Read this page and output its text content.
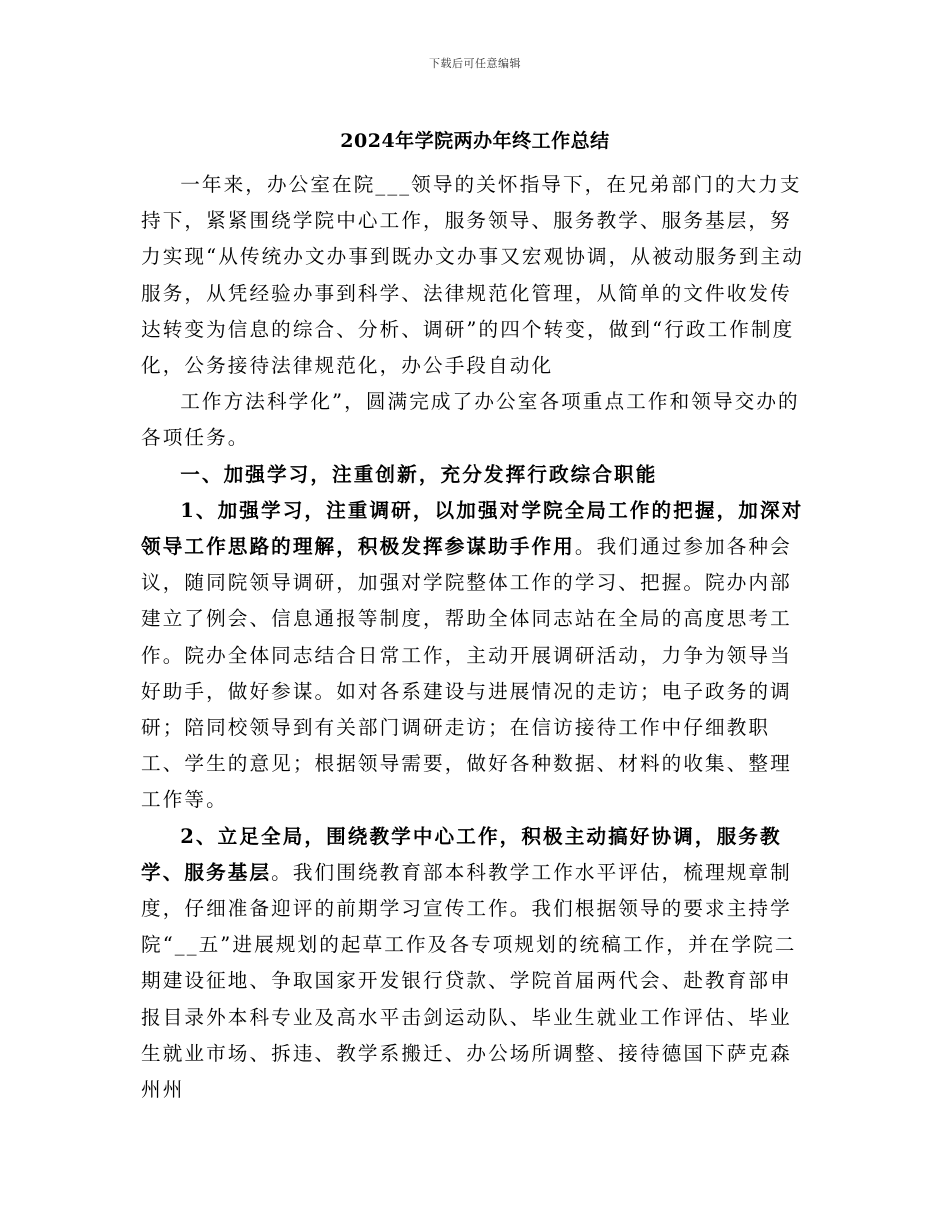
下载后可任意编辑
2024年学院两办年终工作总结

一年来，办公室在院___领导的关怀指导下，在兄弟部门的大力支持下，紧紧围绕学院中心工作，服务领导、服务教学、服务基层，努力实现“从传统办文办事到既办文办事又宏观协调，从被动服务到主动服务，从凭经验办事到科学、法律规范化管理，从简单的文件收发传达转变为信息的综合、分析、调研”的四个转变，做到“行政工作制度化，公务接待法律规范化，办公手段自动化

工作方法科学化”，圆满完成了办公室各项重点工作和领导交办的各项任务。

一、加强学习，注重创新，充分发挥行政综合职能

1、加强学习，注重调研，以加强对学院全局工作的把握，加深对领导工作思路的理解，积极发挥参谋助手作用。我们通过参加各种会议，随同院领导调研，加强对学院整体工作的学习、把握。院办内部建立了例会、信息通报等制度，帮助全体同志站在全局的高度思考工作。院办全体同志结合日常工作，主动开展调研活动，力争为领导当好助手，做好参谋。如对各系建设与进展情况的走访；电子政务的调研；陪同校领导到有关部门调研走访；在信访接待工作中仔细教职工、学生的意见；根据领导需要，做好各种数据、材料的收集、整理工作等。

2、立足全局，围绕教学中心工作，积极主动搞好协调，服务教学、服务基层。我们围绕教育部本科教学工作水平评估，梳理规章制度，仔细准备迎评的前期学习宣传工作。我们根据领导的要求主持学院“__五”进展规划的起草工作及各专项规划的统稿工作，并在学院二期建设征地、争取国家开发银行贷款、学院首届两代会、赴教育部申报目录外本科专业及高水平击剑运动队、毕业生就业工作评估、毕业生就业市场、拆违、教学系搬迁、办公场所调整、接待德国下萨克森州州
